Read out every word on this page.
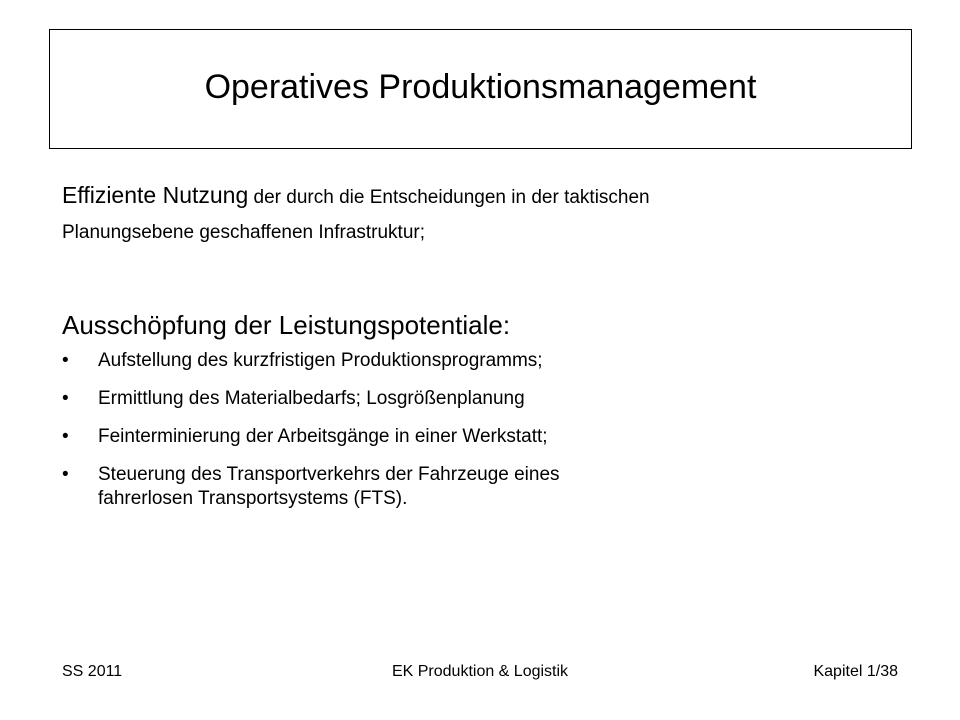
Operatives Produktionsmanagement
Effiziente Nutzung der durch die Entscheidungen in der taktischen
Planungsebene geschaffenen Infrastruktur;
Ausschöpfung der Leistungspotentiale:
•	Aufstellung des kurzfristigen Produktionsprogramms;
•	Ermittlung des Materialbedarfs; Losgrößenplanung
•	Feinterminierung der Arbeitsgänge in einer Werkstatt;
•	Steuerung des Transportverkehrs der Fahrzeuge eines
fahrerlosen Transportsystems (FTS).
SS 2011	EK Produktion & Logistik	Kapitel 1/38
